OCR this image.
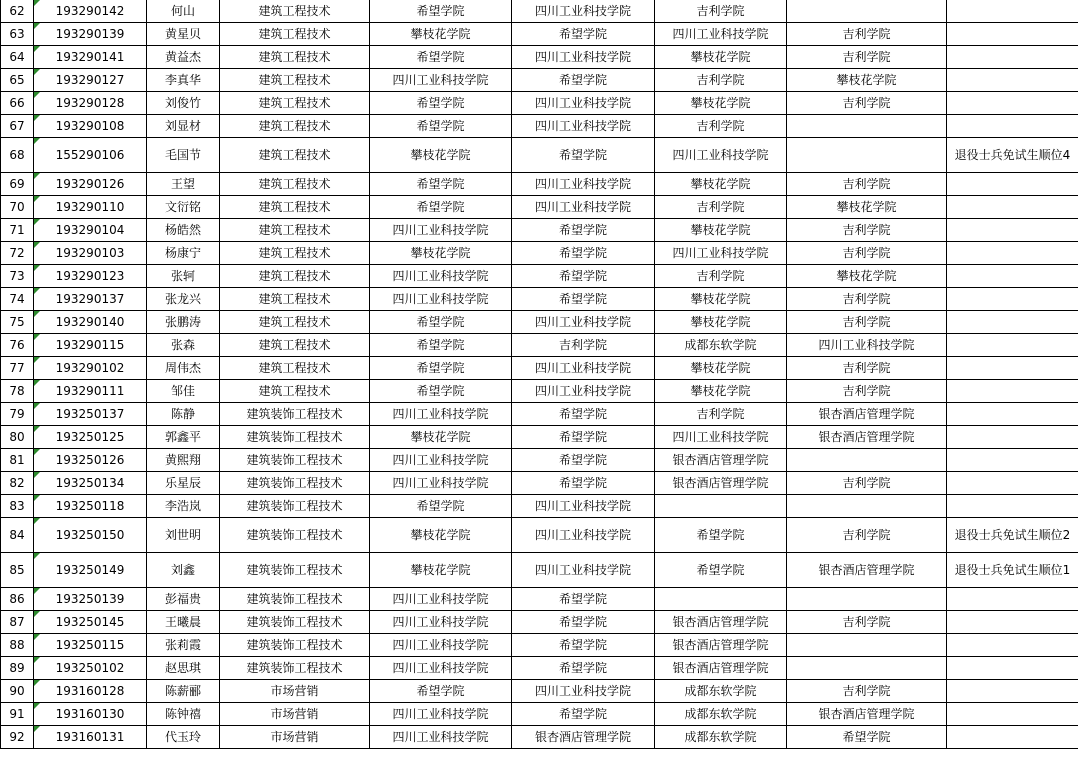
62	193290142	何山	建筑工程技术	希望学院	四川工业科技学院	吉利学院		
63	193290139	黄星贝	建筑工程技术	攀枝花学院	希望学院	四川工业科技学院	吉利学院	
64	193290141	黄益杰	建筑工程技术	希望学院	四川工业科技学院	攀枝花学院	吉利学院	
65	193290127	李真华	建筑工程技术	四川工业科技学院	希望学院	吉利学院	攀枝花学院	
66	193290128	刘俊竹	建筑工程技术	希望学院	四川工业科技学院	攀枝花学院	吉利学院	
67	193290108	刘显材	建筑工程技术	希望学院	四川工业科技学院	吉利学院		
68	155290106	毛国节	建筑工程技术	攀枝花学院	希望学院	四川工业科技学院		退役士兵免试生顺位4
69	193290126	王望	建筑工程技术	希望学院	四川工业科技学院	攀枝花学院	吉利学院	
70	193290110	文衍铭	建筑工程技术	希望学院	四川工业科技学院	吉利学院	攀枝花学院	
71	193290104	杨皓然	建筑工程技术	四川工业科技学院	希望学院	攀枝花学院	吉利学院	
72	193290103	杨康宁	建筑工程技术	攀枝花学院	希望学院	四川工业科技学院	吉利学院	
73	193290123	张轲	建筑工程技术	四川工业科技学院	希望学院	吉利学院	攀枝花学院	
74	193290137	张龙兴	建筑工程技术	四川工业科技学院	希望学院	攀枝花学院	吉利学院	
75	193290140	张鹏涛	建筑工程技术	希望学院	四川工业科技学院	攀枝花学院	吉利学院	
76	193290115	张森	建筑工程技术	希望学院	吉利学院	成都东软学院	四川工业科技学院	
77	193290102	周伟杰	建筑工程技术	希望学院	四川工业科技学院	攀枝花学院	吉利学院	
78	193290111	邹佳	建筑工程技术	希望学院	四川工业科技学院	攀枝花学院	吉利学院	
79	193250137	陈静	建筑装饰工程技术	四川工业科技学院	希望学院	吉利学院	银杏酒店管理学院	
80	193250125	郭鑫平	建筑装饰工程技术	攀枝花学院	希望学院	四川工业科技学院	银杏酒店管理学院	
81	193250126	黄熙翔	建筑装饰工程技术	四川工业科技学院	希望学院	银杏酒店管理学院		
82	193250134	乐星辰	建筑装饰工程技术	四川工业科技学院	希望学院	银杏酒店管理学院	吉利学院	
83	193250118	李浩岚	建筑装饰工程技术	希望学院	四川工业科技学院			
84	193250150	刘世明	建筑装饰工程技术	攀枝花学院	四川工业科技学院	希望学院	吉利学院	退役士兵免试生顺位2
85	193250149	刘鑫	建筑装饰工程技术	攀枝花学院	四川工业科技学院	希望学院	银杏酒店管理学院	退役士兵免试生顺位1
86	193250139	彭福贵	建筑装饰工程技术	四川工业科技学院	希望学院			
87	193250145	王曦晨	建筑装饰工程技术	四川工业科技学院	希望学院	银杏酒店管理学院	吉利学院	
88	193250115	张莉霞	建筑装饰工程技术	四川工业科技学院	希望学院	银杏酒店管理学院		
89	193250102	赵思琪	建筑装饰工程技术	四川工业科技学院	希望学院	银杏酒店管理学院		
90	193160128	陈薪郦	市场营销	希望学院	四川工业科技学院	成都东软学院	吉利学院	
91	193160130	陈钟禧	市场营销	四川工业科技学院	希望学院	成都东软学院	银杏酒店管理学院	
92	193160131	代玉玲	市场营销	四川工业科技学院	银杏酒店管理学院	成都东软学院	希望学院	
